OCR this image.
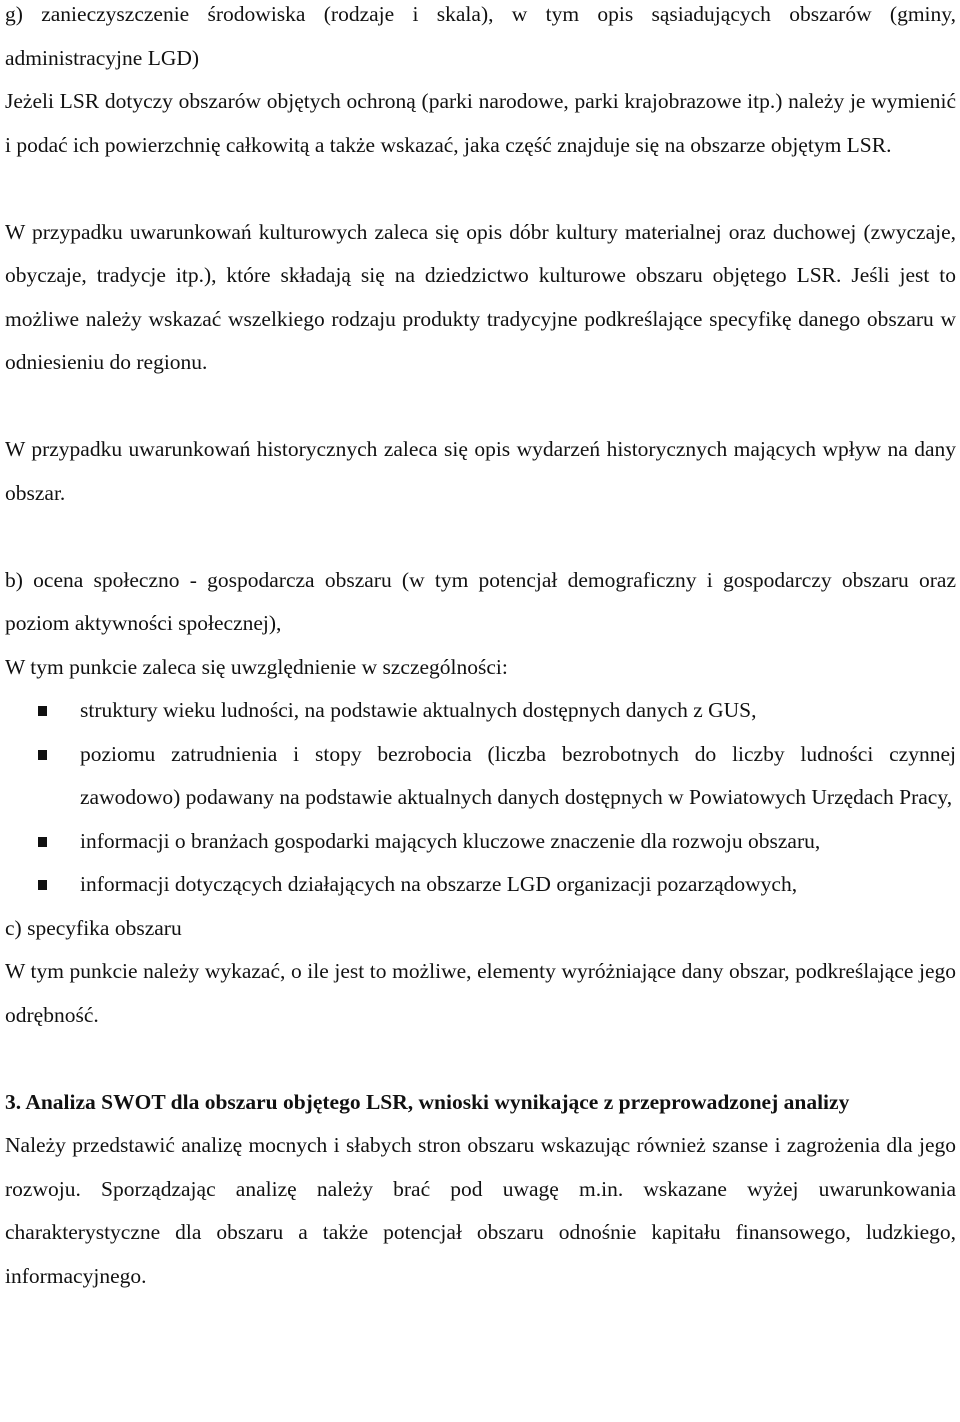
g) zanieczyszczenie środowiska (rodzaje i skala), w tym opis sąsiadujących obszarów (gminy, administracyjne LGD)

Jeżeli LSR dotyczy obszarów objętych ochroną (parki narodowe, parki krajobrazowe itp.) należy je wymienić i podać ich powierzchnię całkowitą a także wskazać, jaka część znajduje się na obszarze objętym LSR.

W przypadku uwarunkowań kulturowych zaleca się opis dóbr kultury materialnej oraz duchowej (zwyczaje, obyczaje, tradycje itp.), które składają się na dziedzictwo kulturowe obszaru objętego LSR. Jeśli jest to możliwe należy wskazać wszelkiego rodzaju produkty tradycyjne podkreślające specyfikę danego obszaru w odniesieniu do regionu.

W przypadku uwarunkowań historycznych zaleca się opis wydarzeń historycznych mających wpływ na dany obszar.

b) ocena społeczno - gospodarcza obszaru (w tym potencjał demograficzny i gospodarczy obszaru oraz poziom aktywności społecznej),

W tym punkcie zaleca się uwzględnienie w szczególności:

struktury wieku ludności, na podstawie aktualnych dostępnych danych z GUS,
poziomu zatrudnienia i stopy bezrobocia (liczba bezrobotnych do liczby ludności czynnej zawodowo) podawany na podstawie aktualnych danych dostępnych w Powiatowych Urzędach Pracy,
informacji o branżach gospodarki mających kluczowe znaczenie dla rozwoju obszaru,
informacji dotyczących działających na obszarze LGD organizacji pozarządowych,

c) specyfika obszaru

W tym punkcie należy wykazać, o ile jest to możliwe, elementy wyróżniające dany obszar, podkreślające jego odrębność.

3. Analiza SWOT dla obszaru objętego LSR, wnioski wynikające z przeprowadzonej analizy

Należy przedstawić analizę mocnych i słabych stron obszaru wskazując również szanse i zagrożenia dla jego rozwoju. Sporządzając analizę należy brać pod uwagę m.in. wskazane wyżej uwarunkowania charakterystyczne dla obszaru a także potencjał obszaru odnośnie kapitału finansowego, ludzkiego, informacyjnego.
